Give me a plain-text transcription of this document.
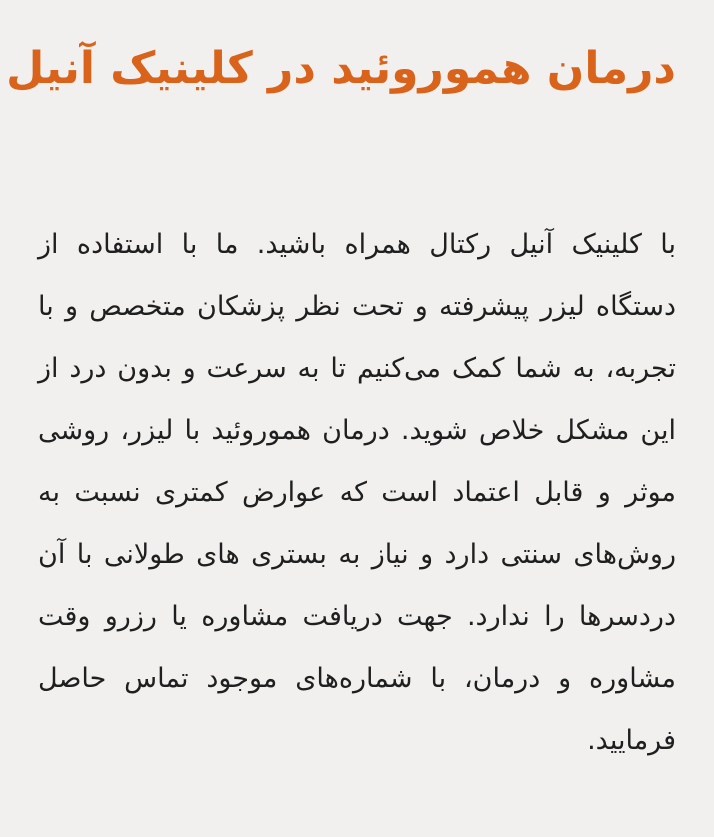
درمان هموروئید در کلینیک آنیل

با کلینیک آنیل رکتال همراه باشید. ما با استفاده از دستگاه لیزر پیشرفته و تحت نظر پزشکان متخصص و با تجربه، به شما کمک می‌کنیم تا به سرعت و بدون درد از این مشکل خلاص شوید. درمان هموروئید با لیزر، روشی موثر و قابل اعتماد است که عوارض کمتری نسبت به روش‌های سنتی دارد و نیاز به بستری های طولانی با آن دردسرها را ندارد. جهت دریافت مشاوره یا رزرو وقت مشاوره و درمان، با شماره‌های موجود تماس حاصل فرمایید.
